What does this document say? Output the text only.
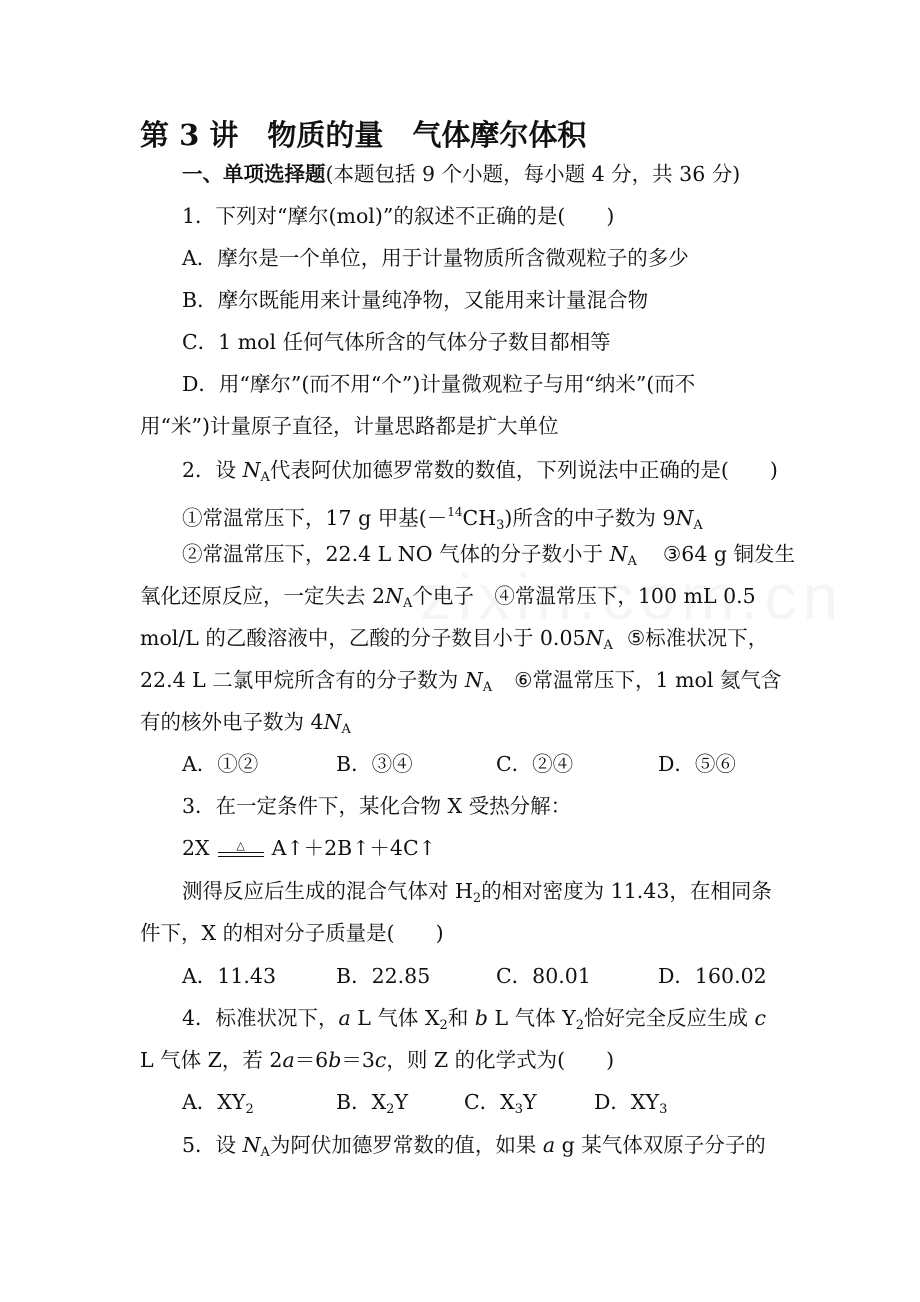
第 3 讲　物质的量　气体摩尔体积
一、单项选择题(本题包括 9 个小题，每小题 4 分，共 36 分)
1．下列对“摩尔(mol)”的叙述不正确的是(　　)
A．摩尔是一个单位，用于计量物质所含微观粒子的多少
B．摩尔既能用来计量纯净物，又能用来计量混合物
C．1 mol 任何气体所含的气体分子数目都相等
D．用“摩尔”(而不用“个”)计量微观粒子与用“纳米”(而不
用“米”)计量原子直径，计量思路都是扩大单位
2．设 $N_A$代表阿伏加德罗常数的数值，下列说法中正确的是(　　)
①常温常压下，17 g 甲基$(-^{14}CH_3)$所含的中子数为 $9N_A$
②常温常压下，22.4 L NO 气体的分子数小于 $N_A$ ③64 g 铜发生
氧化还原反应，一定失去 $2N_A$个电子　④常温常压下，100 mL 0.5
mol/L 的乙酸溶液中，乙酸的分子数目小于 $0.05N_A$ ⑤标准状况下，
22.4 L 二氯甲烷所含有的分子数为 $N_A$ ⑥常温常压下，1 mol 氦气含
有的核外电子数为 $4N_A$
A．①②	B．③④	C．②④	D．⑤⑥
3．在一定条件下，某化合物 X 受热分解：
2X	△	A↑＋2B↑＋4C↑
测得反应后生成的混合气体对 $H_2$的相对密度为 11.43，在相同条
件下，X 的相对分子质量是(　　)
A．11.43	B．22.85	C．80.01	D．160.02
4．标准状况下，a L 气体 $X_2$和 b L 气体 $Y_2$恰好完全反应生成 c
L 气体 Z，若 2a＝6b＝3c，则 Z 的化学式为(　　)
A．$XY_2$	B．$X_2Y$	C．$X_3Y$	D．$XY_3$
5．设 $N_A$为阿伏加德罗常数的值，如果 a g 某气体双原子分子的
